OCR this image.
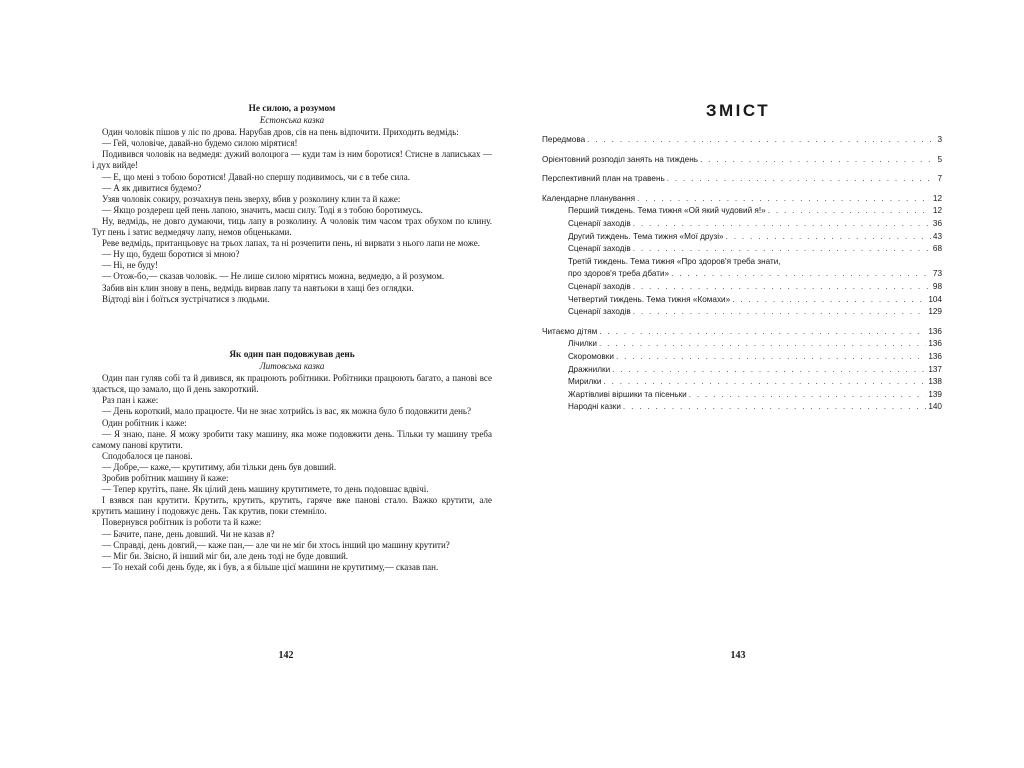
Не силою, а розумом
Естонська казка
Один чоловік пішов у ліс по дрова. Нарубав дров, сів на пень відпочити. Приходить ведмідь:
— Гей, чоловіче, давай-но будемо силою мірятися!
Подивився чоловік на ведмедя: дужий волоцюга — куди там із ним боротися! Стисне в лаписьках — і дух вийде!
— Е, що мені з тобою боротися! Давай-но спершу подивимось, чи є в тебе сила.
— А як дивитися будемо?
Узяв чоловік сокиру, розчахнув пень зверху, вбив у розколину клин та й каже:
— Якщо роздереш цей пень лапою, значить, маєш силу. Тоді я з тобою боротимусь.
Ну, ведмідь, не довго думаючи, тиць лапу в розколину. А чоловік тим часом трах обухом по клину. Тут пень і затис ведмедячу лапу, немов обценьками.
Реве ведмідь, пританцьовує на трьох лапах, та ні розчепити пень, ні вирвати з нього лапи не може.
— Ну що, будеш боротися зі мною?
— Ні, не буду!
— Отож-бо,— сказав чоловік. — Не лише силою мірятись можна, ведмедю, а й розумом.
Забив він клин знову в пень, ведмідь вирвав лапу та навтьоки в хащі без оглядки.
Відтоді він і боїться зустрічатися з людьми.
Як один пан подовжував день
Литовська казка
Один пан гуляв собі та й дивився, як працюють робітники. Робітники працюють багато, а панові все здається, що замало, що й день закороткий.
Раз пан і каже:
— День короткий, мало працюєте. Чи не знає хотрийсь із вас, як можна було б подовжити день?
Один робітник і каже:
— Я знаю, пане. Я можу зробити таку машину, яка може подовжити день. Тільки ту машину треба самому панові крутити.
Сподобалося це панові.
— Добре,— каже,— крутитиму, аби тільки день був довший.
Зробив робітник машину й каже:
— Тепер крутіть, пане. Як цілий день машину крутитимете, то день подовшає вдвічі.
І взявся пан крутити. Крутить, крутить, крутить, гаряче вже панові стало. Важко крутити, але крутить машину і подовжує день. Так крутив, поки стемніло.
Повернувся робітник із роботи та й каже:
— Бачите, пане, день довший. Чи не казав я?
— Справді, день довгий,— каже пан,— але чи не міг би хтось інший цю машину крутити?
— Міг би. Звісно, й інший міг би, але день тоді не буде довший.
— То нехай собі день буде, як і був, а я більше цієї машини не крутитиму,— сказав пан.
142
ЗМІСТ
Передмова . . .	3
Орієнтовний розподіл занять на тиждень . . .	5
Перспективний план на травень . . .	7
Календарне планування . . .	12
Перший тиждень. Тема тижня «Ой який чудовий я!» . . .	12
Сценарії заходів . . .	36
Другий тиждень. Тема тижня «Мої друзі» . . .	43
Сценарії заходів . . .	68
Третій тиждень. Тема тижня «Про здоров'я треба знати,
про здоров'я треба дбати» . . .	73
Сценарії заходів . . .	98
Четвертий тиждень. Тема тижня «Комахи» . . .	104
Сценарії заходів . . .	129
Читаємо дітям . . .	136
Лічилки . . .	136
Скоромовки . . .	136
Дражнилки . . .	137
Мирилки . . .	138
Жартівливі віршики та пісеньки . . .	139
Народні казки . . .	140
143
